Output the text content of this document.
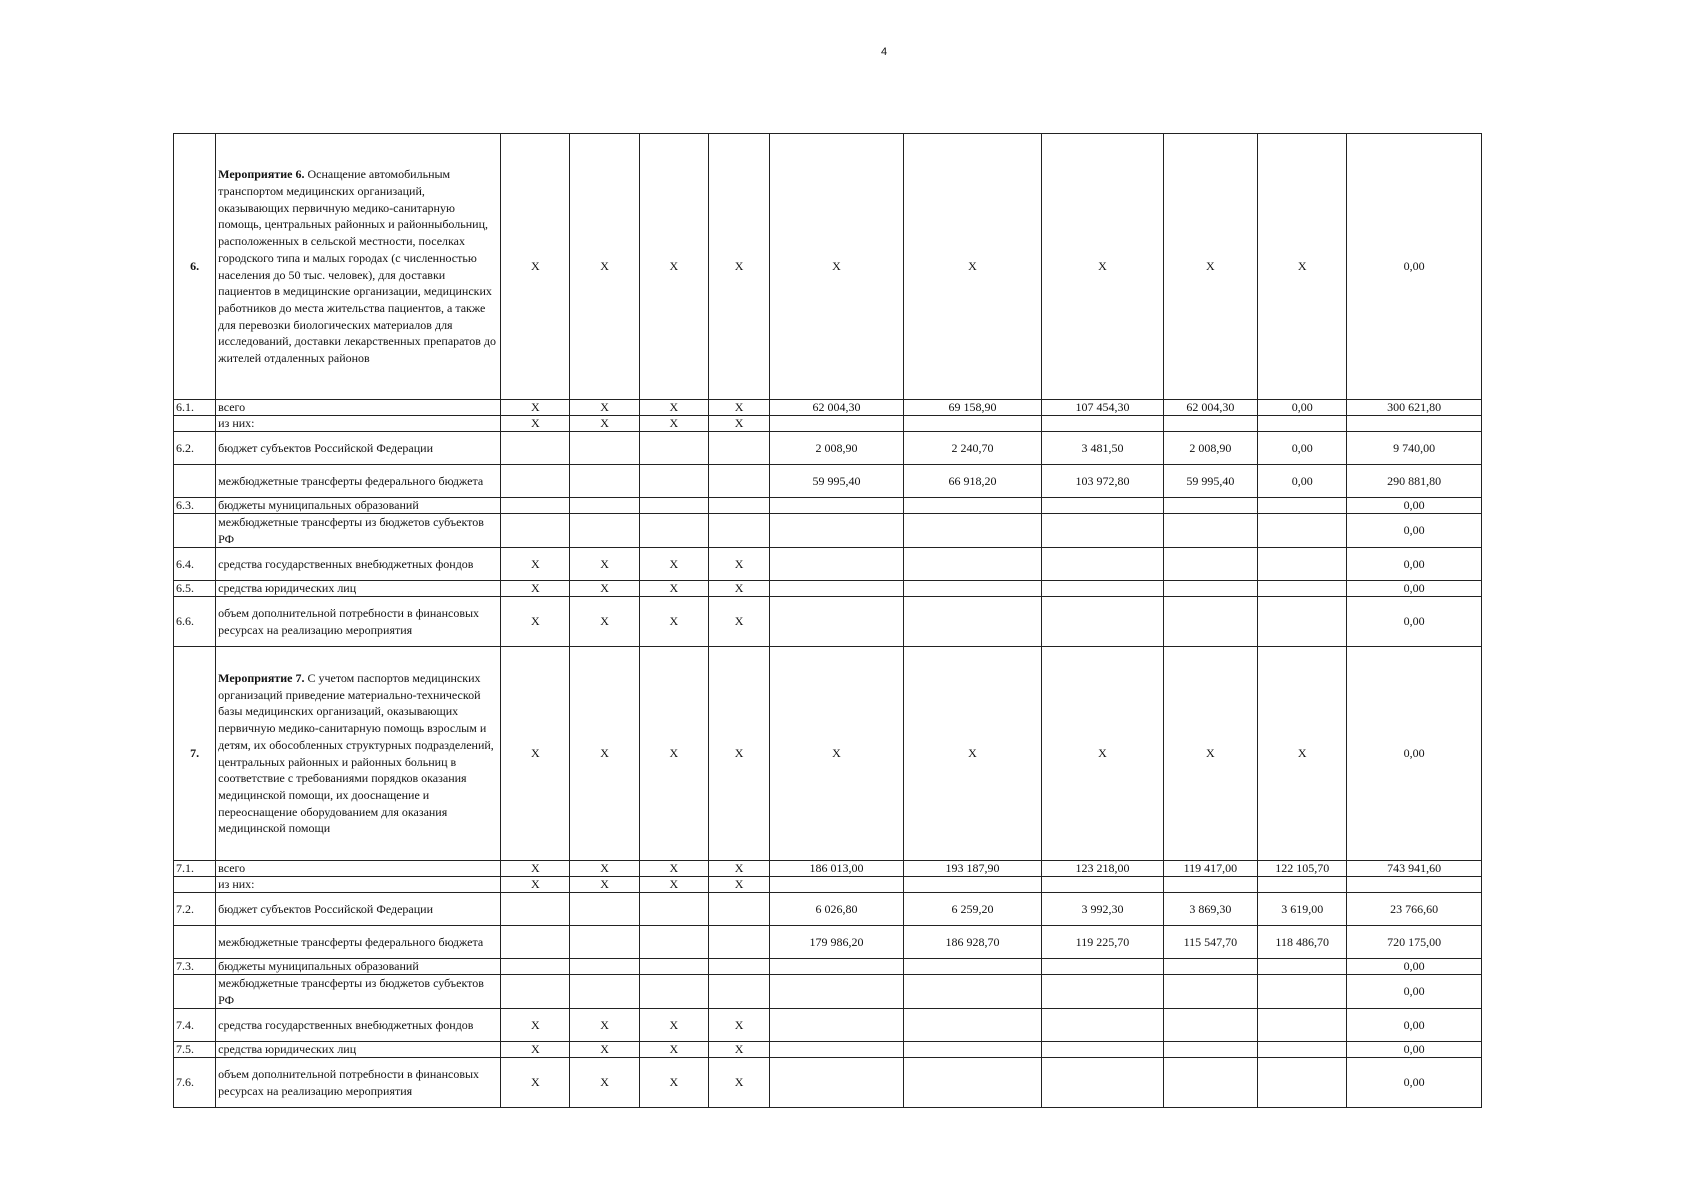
4
6.	Мероприятие 6. Оснащение автомобильным транспортом медицинских организаций, оказывающих первичную медико-санитарную помощь, центральных районных и районныбольниц, расположенных в сельской местности, поселках городского типа и малых городах (с численностью населения до 50 тыс. человек), для доставки пациентов в медицинские организации, медицинских работников до места жительства пациентов, а также для перевозки биологических материалов для исследований, доставки лекарственных препаратов до жителей отдаленных районов	Х	Х	Х	Х	Х	Х	Х	Х	Х	0,00
6.1.	всего	Х	Х	Х	Х	62 004,30	69 158,90	107 454,30	62 004,30	0,00	300 621,80
	из них:	Х	Х	Х	Х						
6.2.	бюджет субъектов Российской Федерации					2 008,90	2 240,70	3 481,50	2 008,90	0,00	9 740,00
	межбюджетные трансферты федерального бюджета					59 995,40	66 918,20	103 972,80	59 995,40	0,00	290 881,80
6.3.	бюджеты муниципальных образований										0,00
	межбюджетные трансферты из бюджетов субъектов РФ										0,00
6.4.	средства государственных внебюджетных фондов	Х	Х	Х	Х						0,00
6.5.	средства юридических лиц	Х	Х	Х	Х						0,00
6.6.	объем дополнительной потребности в финансовых ресурсах на реализацию мероприятия	Х	Х	Х	Х						0,00
7.	Мероприятие 7. С учетом паспортов медицинских организаций приведение материально-технической базы медицинских организаций, оказывающих первичную медико-санитарную помощь взрослым и детям, их обособленных структурных подразделений, центральных районных и районных больниц в соответствие с требованиями порядков оказания медицинской помощи, их дооснащение и переоснащение оборудованием для оказания медицинской помощи	Х	Х	Х	Х	Х	Х	Х	Х	Х	0,00
7.1.	всего	Х	Х	Х	Х	186 013,00	193 187,90	123 218,00	119 417,00	122 105,70	743 941,60
	из них:	Х	Х	Х	Х						
7.2.	бюджет субъектов Российской Федерации					6 026,80	6 259,20	3 992,30	3 869,30	3 619,00	23 766,60
	межбюджетные трансферты федерального бюджета					179 986,20	186 928,70	119 225,70	115 547,70	118 486,70	720 175,00
7.3.	бюджеты муниципальных образований										0,00
	межбюджетные трансферты из бюджетов субъектов РФ										0,00
7.4.	средства государственных внебюджетных фондов	Х	Х	Х	Х						0,00
7.5.	средства юридических лиц	Х	Х	Х	Х						0,00
7.6.	объем дополнительной потребности в финансовых ресурсах на реализацию мероприятия	Х	Х	Х	Х						0,00
